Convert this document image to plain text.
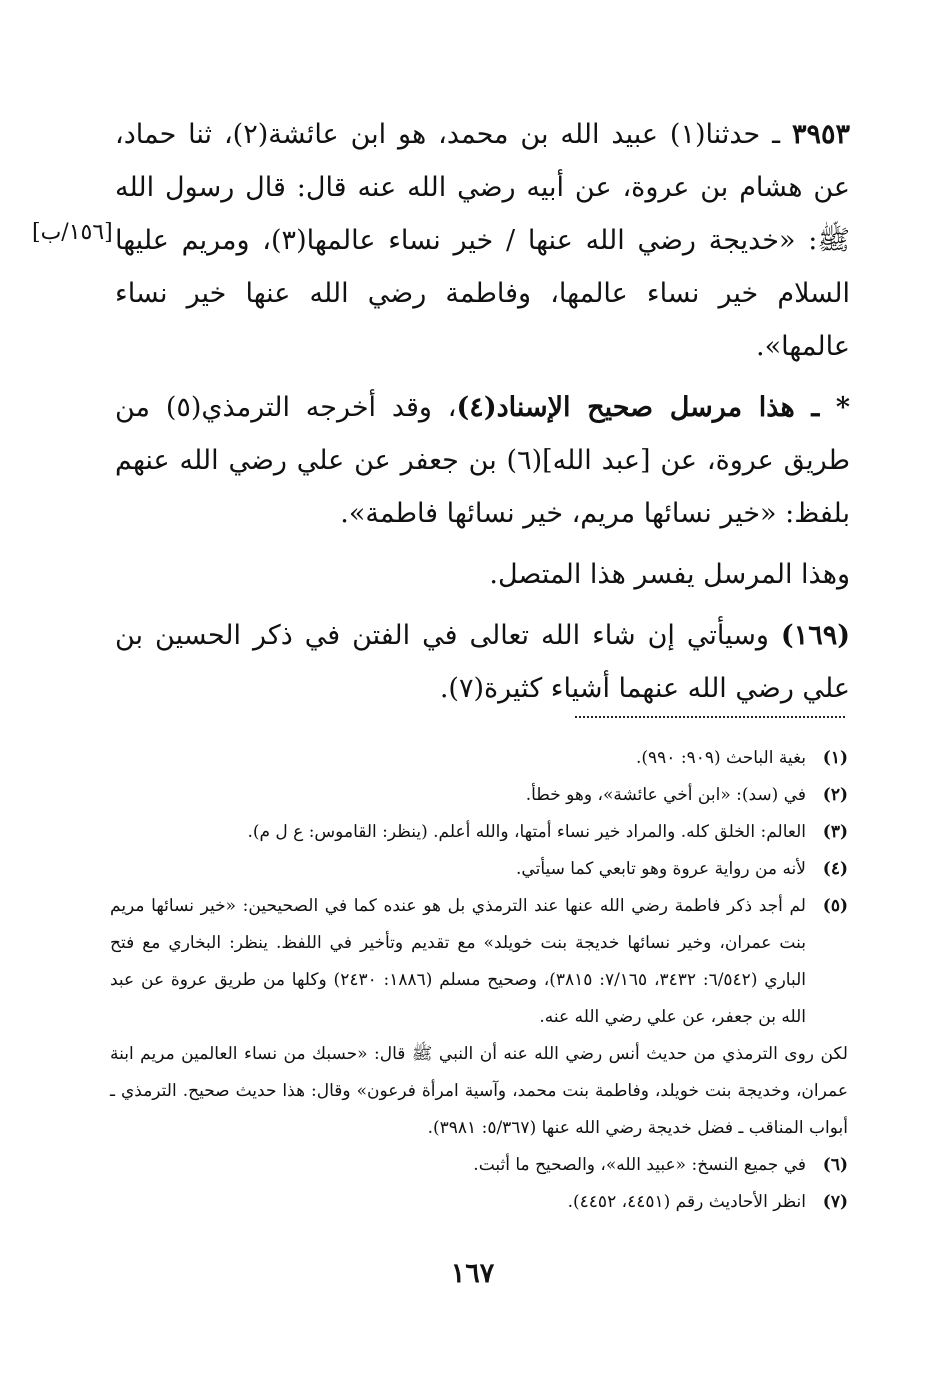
[١٥٦/ب]

٣٩٥٣ ـ حدثنا(١) عبيد الله بن محمد، هو ابن عائشة(٢)، ثنا حماد، عن هشام بن عروة، عن أبيه رضي الله عنه قال: قال رسول الله ﷺ: «خديجة رضي الله عنها / خير نساء عالمها(٣)، ومريم عليها السلام خير نساء عالمها، وفاطمة رضي الله عنها خير نساء عالمها».

* ـ هذا مرسل صحيح الإسناد(٤)، وقد أخرجه الترمذي(٥) من طريق عروة، عن [عبد الله](٦) بن جعفر عن علي رضي الله عنهم بلفظ: «خير نسائها مريم، خير نسائها فاطمة».

وهذا المرسل يفسر هذا المتصل.

(١٦٩) وسيأتي إن شاء الله تعالى في الفتن في ذكر الحسين بن علي رضي الله عنهما أشياء كثيرة(٧).

(١)
بغية الباحث (٩٠٩: ٩٩٠).
(٢)
في (سد): «ابن أخي عائشة»، وهو خطأ.
(٣)
العالم: الخلق كله. والمراد خير نساء أمتها، والله أعلم. (ينظر: القاموس: ع ل م).
(٤)
لأنه من رواية عروة وهو تابعي كما سيأتي.
(٥)
لم أجد ذكر فاطمة رضي الله عنها عند الترمذي بل هو عنده كما في الصحيحين: «خير نسائها مريم بنت عمران، وخير نسائها خديجة بنت خويلد» مع تقديم وتأخير في اللفظ. ينظر: البخاري مع فتح الباري (٦/٥٤٢: ٣٤٣٢، ٧/١٦٥: ٣٨١٥)، وصحيح مسلم (١٨٨٦: ٢٤٣٠) وكلها من طريق عروة عن عبد الله بن جعفر، عن علي رضي الله عنه.
لكن روى الترمذي من حديث أنس رضي الله عنه أن النبي ﷺ قال: «حسبك من نساء العالمين مريم ابنة عمران، وخديجة بنت خويلد، وفاطمة بنت محمد، وآسية امرأة فرعون» وقال: هذا حديث صحيح. الترمذي ـ أبواب المناقب ـ فضل خديجة رضي الله عنها (٥/٣٦٧: ٣٩٨١).
(٦)
في جميع النسخ: «عبيد الله»، والصحيح ما أثبت.
(٧)
انظر الأحاديث رقم (٤٤٥١، ٤٤٥٢).
١٦٧
